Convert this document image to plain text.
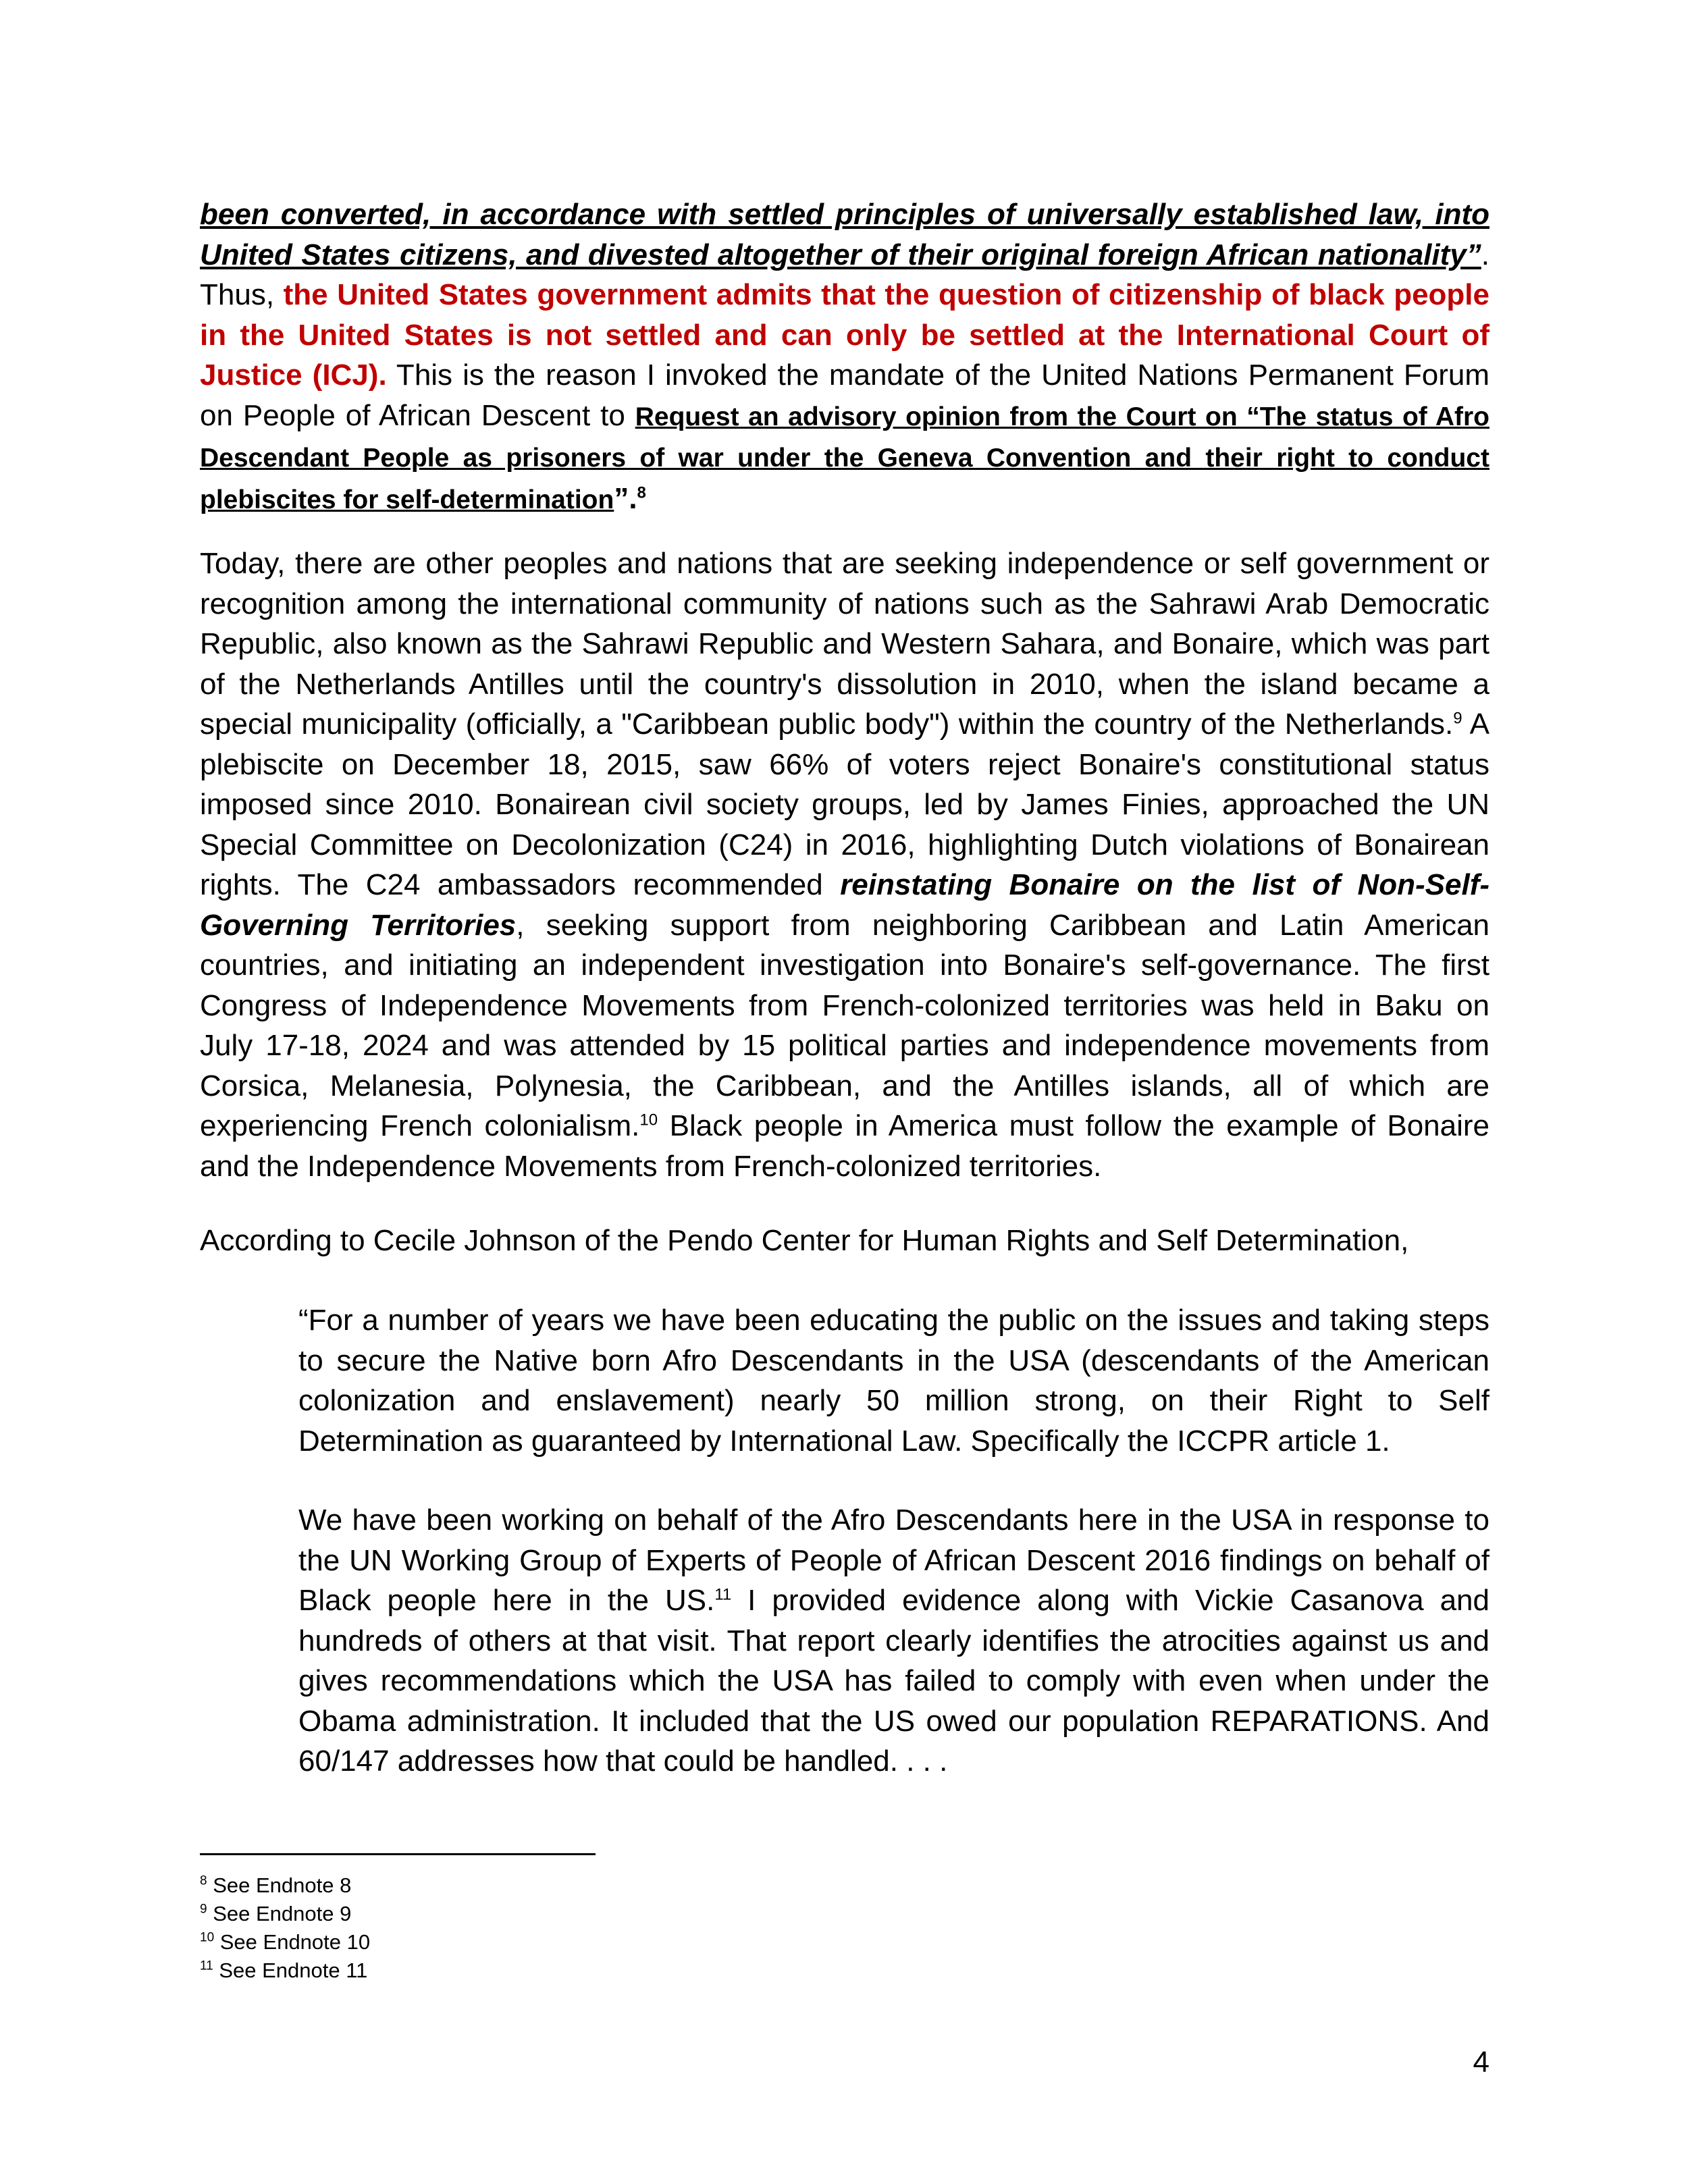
been converted, in accordance with settled principles of universally established law, into United States citizens, and divested altogether of their original foreign African nationality”. Thus, the United States government admits that the question of citizenship of black people in the United States is not settled and can only be settled at the International Court of Justice (ICJ). This is the reason I invoked the mandate of the United Nations Permanent Forum on People of African Descent to Request an advisory opinion from the Court on “The status of Afro Descendant People as prisoners of war under the Geneva Convention and their right to conduct plebiscites for self-determination”.$^8$

Today, there are other peoples and nations that are seeking independence or self government or recognition among the international community of nations such as the Sahrawi Arab Democratic Republic, also known as the Sahrawi Republic and Western Sahara, and Bonaire, which was part of the Netherlands Antilles until the country's dissolution in 2010, when the island became a special municipality (officially, a "Caribbean public body") within the country of the Netherlands.$^9$ A plebiscite on December 18, 2015, saw 66% of voters reject Bonaire's constitutional status imposed since 2010. Bonairean civil society groups, led by James Finies, approached the UN Special Committee on Decolonization (C24) in 2016, highlighting Dutch violations of Bonairean rights. The C24 ambassadors recommended reinstating Bonaire on the list of Non-Self-Governing Territories, seeking support from neighboring Caribbean and Latin American countries, and initiating an independent investigation into Bonaire's self-governance. The first Congress of Independence Movements from French-colonized territories was held in Baku on July 17-18, 2024 and was attended by 15 political parties and independence movements from Corsica, Melanesia, Polynesia, the Caribbean, and the Antilles islands, all of which are experiencing French colonialism.$^{10}$ Black people in America must follow the example of Bonaire and the Independence Movements from French-colonized territories.

According to Cecile Johnson of the Pendo Center for Human Rights and Self Determination,

“For a number of years we have been educating the public on the issues and taking steps to secure the Native born Afro Descendants in the USA (descendants of the American colonization and enslavement) nearly 50 million strong, on their Right to Self Determination as guaranteed by International Law. Specifically the ICCPR article 1.

We have been working on behalf of the Afro Descendants here in the USA in response to the UN Working Group of Experts of People of African Descent 2016 findings on behalf of Black people here in the US.$^{11}$ I provided evidence along with Vickie Casanova and hundreds of others at that visit. That report clearly identifies the atrocities against us and gives recommendations which the USA has failed to comply with even when under the Obama administration. It included that the US owed our population REPARATIONS. And 60/147 addresses how that could be handled. . . .

$^8$ See Endnote 8
$^9$ See Endnote 9
$^{10}$ See Endnote 10
$^{11}$ See Endnote 11
4
